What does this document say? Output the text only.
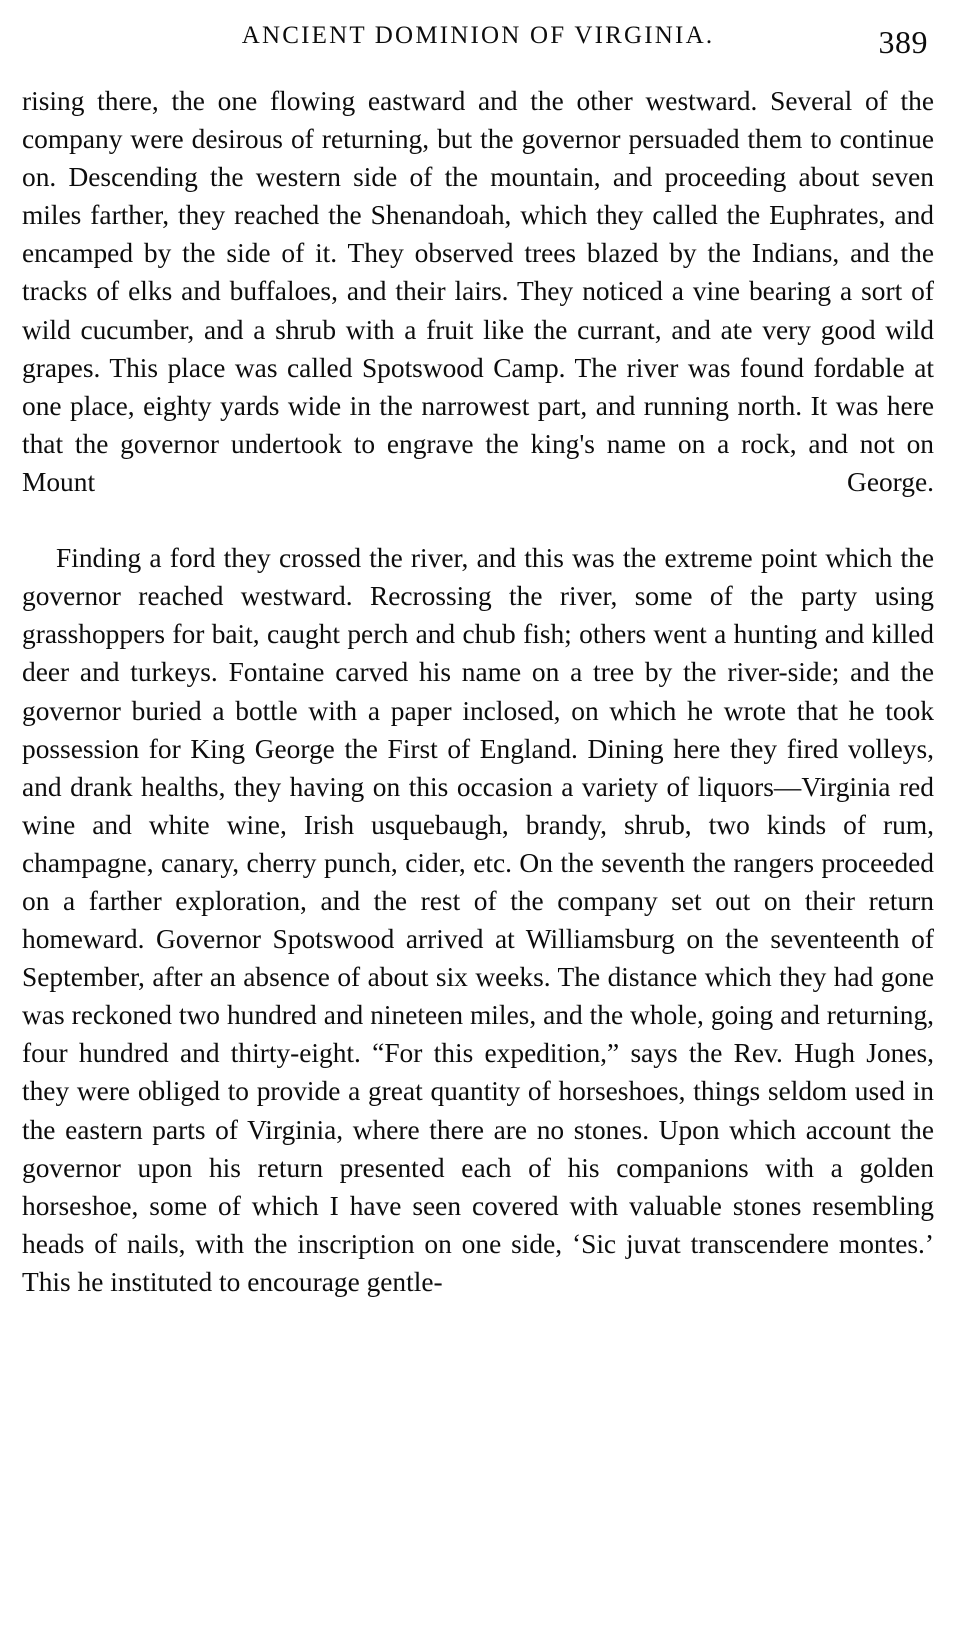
ANCIENT DOMINION OF VIRGINIA.	389

rising there, the one flowing eastward and the other westward. Several of the company were desirous of returning, but the governor persuaded them to continue on. Descending the western side of the mountain, and proceeding about seven miles farther, they reached the Shenandoah, which they called the Euphrates, and encamped by the side of it. They observed trees blazed by the Indians, and the tracks of elks and buffaloes, and their lairs. They noticed a vine bearing a sort of wild cucumber, and a shrub with a fruit like the currant, and ate very good wild grapes. This place was called Spotswood Camp. The river was found fordable at one place, eighty yards wide in the narrowest part, and running north. It was here that the governor undertook to engrave the king's name on a rock, and not on Mount George.

Finding a ford they crossed the river, and this was the extreme point which the governor reached westward. Recrossing the river, some of the party using grasshoppers for bait, caught perch and chub fish; others went a hunting and killed deer and turkeys. Fontaine carved his name on a tree by the river-side; and the governor buried a bottle with a paper inclosed, on which he wrote that he took possession for King George the First of England. Dining here they fired volleys, and drank healths, they having on this occasion a variety of liquors—Virginia red wine and white wine, Irish usquebaugh, brandy, shrub, two kinds of rum, champagne, canary, cherry punch, cider, etc. On the seventh the rangers proceeded on a farther exploration, and the rest of the company set out on their return homeward. Governor Spotswood arrived at Williamsburg on the seventeenth of September, after an absence of about six weeks. The distance which they had gone was reckoned two hundred and nineteen miles, and the whole, going and returning, four hundred and thirty-eight. “For this expedition,” says the Rev. Hugh Jones, they were obliged to provide a great quantity of horseshoes, things seldom used in the eastern parts of Virginia, where there are no stones. Upon which account the governor upon his return presented each of his companions with a golden horseshoe, some of which I have seen covered with valuable stones resembling heads of nails, with the inscription on one side, ‘Sic juvat transcendere montes.’ This he instituted to encourage gentle-
